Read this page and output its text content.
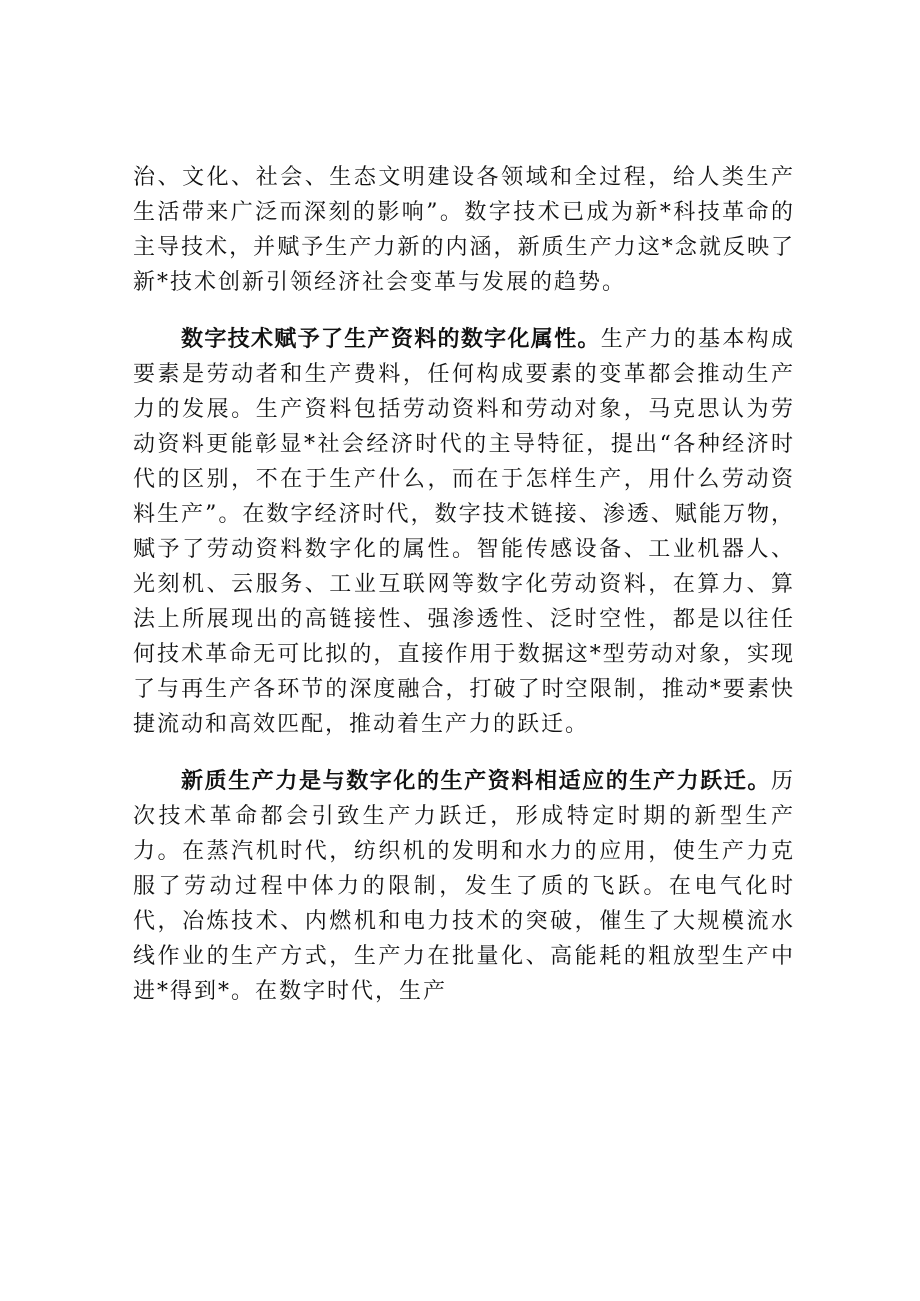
治、文化、社会、生态文明建设各领域和全过程，给人类生产生活带来广泛而深刻的影响”。数字技术已成为新*科技革命的主导技术，并赋予生产力新的内涵，新质生产力这*念就反映了新*技术创新引领经济社会变革与发展的趋势。

数字技术赋予了生产资料的数字化属性。生产力的基本构成要素是劳动者和生产费料，任何构成要素的变革都会推动生产力的发展。生产资料包括劳动资料和劳动对象，马克思认为劳动资料更能彰显*社会经济时代的主导特征，提出“各种经济时代的区别，不在于生产什么，而在于怎样生产，用什么劳动资料生产”。在数字经济时代，数字技术链接、渗透、赋能万物，赋予了劳动资料数字化的属性。智能传感设备、工业机器人、光刻机、云服务、工业互联网等数字化劳动资料，在算力、算法上所展现出的高链接性、强渗透性、泛时空性，都是以往任何技术革命无可比拟的，直接作用于数据这*型劳动对象，实现了与再生产各环节的深度融合，打破了时空限制，推动*要素快捷流动和高效匹配，推动着生产力的跃迁。

新质生产力是与数字化的生产资料相适应的生产力跃迁。历次技术革命都会引致生产力跃迁，形成特定时期的新型生产力。在蒸汽机时代，纺织机的发明和水力的应用，使生产力克服了劳动过程中体力的限制，发生了质的飞跃。在电气化时代，冶炼技术、内燃机和电力技术的突破，催生了大规模流水线作业的生产方式，生产力在批量化、高能耗的粗放型生产中进*得到*。在数字时代，生产
